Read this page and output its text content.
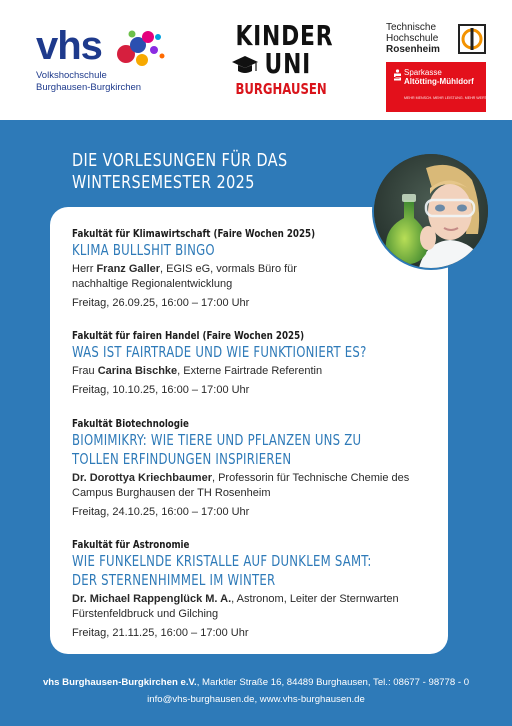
vhs
Volkshochschule
Burghausen-Burgkirchen
KINDER
UNI
BURGHAUSEN
Technische
Hochschule
Rosenheim
Sparkasse
Altötting-Mühldorf
MEHR MENSCH. MEHR LEISTUNG. MEHR WERT.
DIE VORLESUNGEN FÜR DAS
WINTERSEMESTER 2025
Fakultät für Klimawirtschaft (Faire Wochen 2025)
KLIMA BULLSHIT BINGO
Herr Franz Galler, EGIS eG, vormals Büro für nachhaltige Regionalentwicklung
Freitag, 26.09.25, 16:00 – 17:00 Uhr
Fakultät für fairen Handel (Faire Wochen 2025)
WAS IST FAIRTRADE UND WIE FUNKTIONIERT ES?
Frau Carina Bischke, Externe Fairtrade Referentin
Freitag, 10.10.25, 16:00 – 17:00 Uhr
Fakultät Biotechnologie
BIOMIMIKRY: WIE TIERE UND PFLANZEN UNS ZU
TOLLEN ERFINDUNGEN INSPIRIEREN
Dr. Dorottya Kriechbaumer, Professorin für Technische Chemie des Campus Burghausen der TH Rosenheim
Freitag, 24.10.25, 16:00 – 17:00 Uhr
Fakultät für Astronomie
WIE FUNKELNDE KRISTALLE AUF DUNKLEM SAMT:
DER STERNENHIMMEL IM WINTER
Dr. Michael Rappenglück M. A., Astronom, Leiter der Sternwarten Fürstenfeldbruck und Gilching
Freitag, 21.11.25, 16:00 – 17:00 Uhr
vhs Burghausen-Burgkirchen e.V., Marktler Straße 16, 84489 Burghausen, Tel.: 08677 - 98778 - 0
info@vhs-burghausen.de, www.vhs-burghausen.de
